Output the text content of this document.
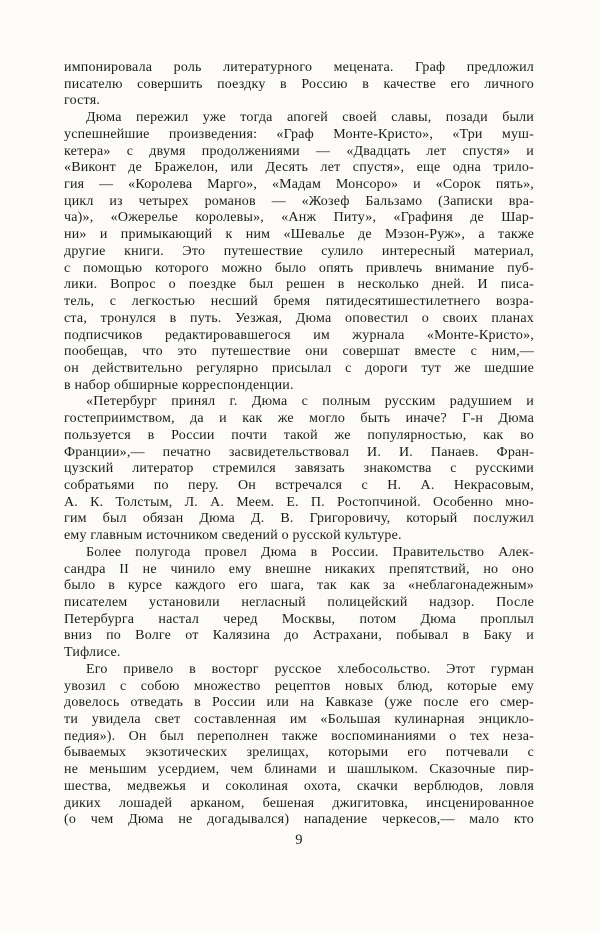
импонировала роль литературного мецената. Граф предложил
писателю совершить поездку в Россию в качестве его личного
гостя.
Дюма пережил уже тогда апогей своей славы, позади были
успешнейшие произведения: «Граф Монте-Кристо», «Три муш-
кетера» с двумя продолжениями — «Двадцать лет спустя» и
«Виконт де Бражелон, или Десять лет спустя», еще одна трило-
гия — «Королева Марго», «Мадам Монсоро» и «Сорок пять»,
цикл из четырех романов — «Жозеф Бальзамо (Записки вра-
ча)», «Ожерелье королевы», «Анж Питу», «Графиня де Шар-
ни» и примыкающий к ним «Шевалье де Мэзон-Руж», а также
другие книги. Это путешествие сулило интересный материал,
с помощью которого можно было опять привлечь внимание пуб-
лики. Вопрос о поездке был решен в несколько дней. И писа-
тель, с легкостью несший бремя пятидесятишестилетнего возра-
ста, тронулся в путь. Уезжая, Дюма оповестил о своих планах
подписчиков редактировавшегося им журнала «Монте-Кристо»,
пообещав, что это путешествие они совершат вместе с ним,—
он действительно регулярно присылал с дороги тут же шедшие
в набор обширные корреспонденции.
«Петербург принял г. Дюма с полным русским радушием и
гостеприимством, да и как же могло быть иначе? Г-н Дюма
пользуется в России почти такой же популярностью, как во
Франции»,— печатно засвидетельствовал И. И. Панаев. Фран-
цузский литератор стремился завязать знакомства с русскими
собратьями по перу. Он встречался с Н. А. Некрасовым,
А. К. Толстым, Л. А. Меем. Е. П. Ростопчиной. Особенно мно-
гим был обязан Дюма Д. В. Григоровичу, который послужил
ему главным источником сведений о русской культуре.
Более полугода провел Дюма в России. Правительство Алек-
сандра II не чинило ему внешне никаких препятствий, но оно
было в курсе каждого его шага, так как за «неблагонадежным»
писателем установили негласный полицейский надзор. После
Петербурга настал черед Москвы, потом Дюма проплыл
вниз по Волге от Калязина до Астрахани, побывал в Баку и
Тифлисе.
Его привело в восторг русское хлебосольство. Этот гурман
увозил с собою множество рецептов новых блюд, которые ему
довелось отведать в России или на Кавказе (уже после его смер-
ти увидела свет составленная им «Большая кулинарная энцикло-
педия»). Он был переполнен также воспоминаниями о тех неза-
бываемых экзотических зрелищах, которыми его потчевали с
не меньшим усердием, чем блинами и шашлыком. Сказочные пир-
шества, медвежья и соколиная охота, скачки верблюдов, ловля
диких лошадей арканом, бешеная джигитовка, инсценированное
(о чем Дюма не догадывался) нападение черкесов,— мало кто
9
